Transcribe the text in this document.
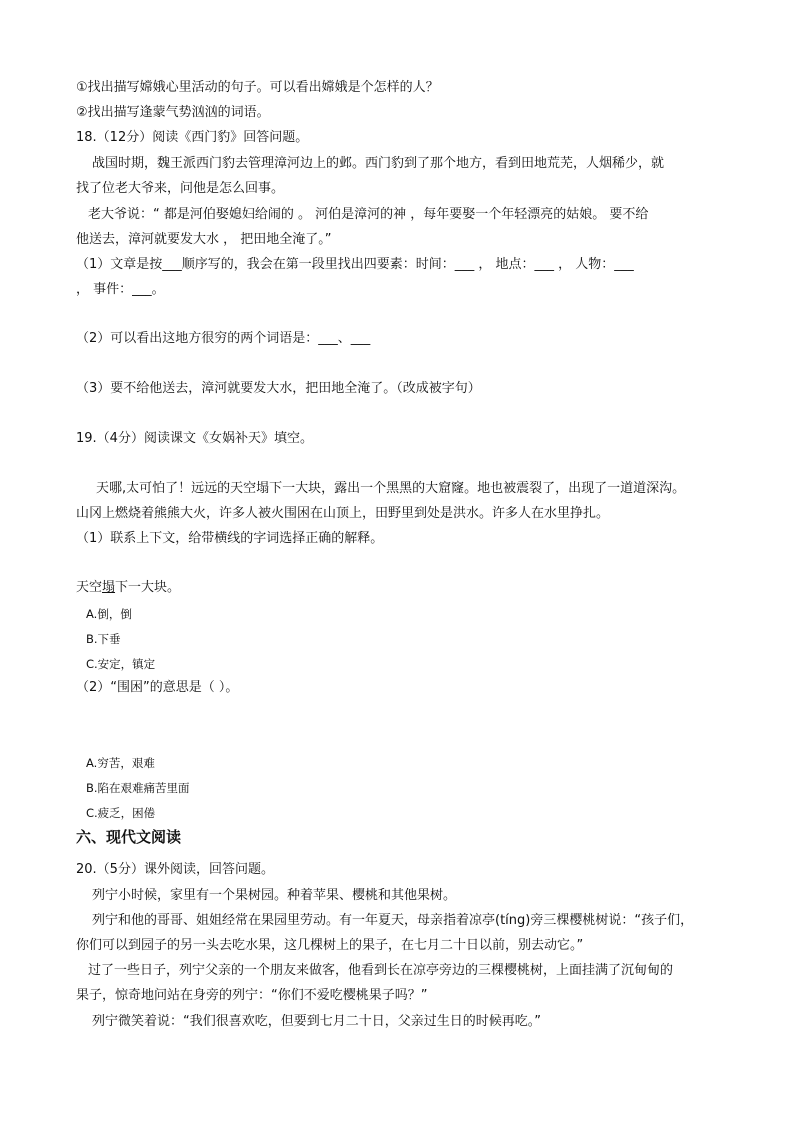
①找出描写嫦娥心里活动的句子。可以看出嫦娥是个怎样的人？
②找出描写逢蒙气势汹汹的词语。
18.（12分）阅读《西门豹》回答问题。
战国时期，魏王派西门豹去管理漳河边上的邺。西门豹到了那个地方，看到田地荒芜，人烟稀少，就
找了位老大爷来，问他是怎么回事。
老大爷说：“ 都是河伯娶媳妇给闹的 。 河伯是漳河的神 ，每年要娶一个年轻漂亮的姑娘。 要不给
他送去，漳河就要发大水 ， 把田地全淹了。”
（1）文章是按___顺序写的，我会在第一段里找出四要素：时间：___ ， 地点：___ ， 人物：___
， 事件：___。
（2）可以看出这地方很穷的两个词语是：___、___
（3）要不给他送去，漳河就要发大水，把田地全淹了。（改成被字句）
19.（4分）阅读课文《女娲补天》填空。
天哪,太可怕了！远远的天空塌下一大块，露出一个黑黑的大窟窿。地也被震裂了，出现了一道道深沟。
山冈上燃烧着熊熊大火，许多人被火围困在山顶上，田野里到处是洪水。许多人在水里挣扎。
（1）联系上下文，给带横线的字词选择正确的解释。
天空塌下一大块。
A.倒，倒
B.下垂
C.安定，镇定
（2）“围困”的意思是（ ）。
A.穷苦，艰难
B.陷在艰难痛苦里面
C.疲乏，困倦
六、现代文阅读
20.（5分）课外阅读，回答问题。
列宁小时候，家里有一个果树园。种着苹果、樱桃和其他果树。
列宁和他的哥哥、姐姐经常在果园里劳动。有一年夏天，母亲指着凉亭(tíng)旁三棵樱桃树说：“孩子们，
你们可以到园子的另一头去吃水果，这几棵树上的果子，在七月二十日以前，别去动它。”
过了一些日子，列宁父亲的一个朋友来做客，他看到长在凉亭旁边的三棵樱桃树，上面挂满了沉甸甸的
果子，惊奇地问站在身旁的列宁：“你们不爱吃樱桃果子吗？”
列宁微笑着说：“我们很喜欢吃，但要到七月二十日，父亲过生日的时候再吃。”
